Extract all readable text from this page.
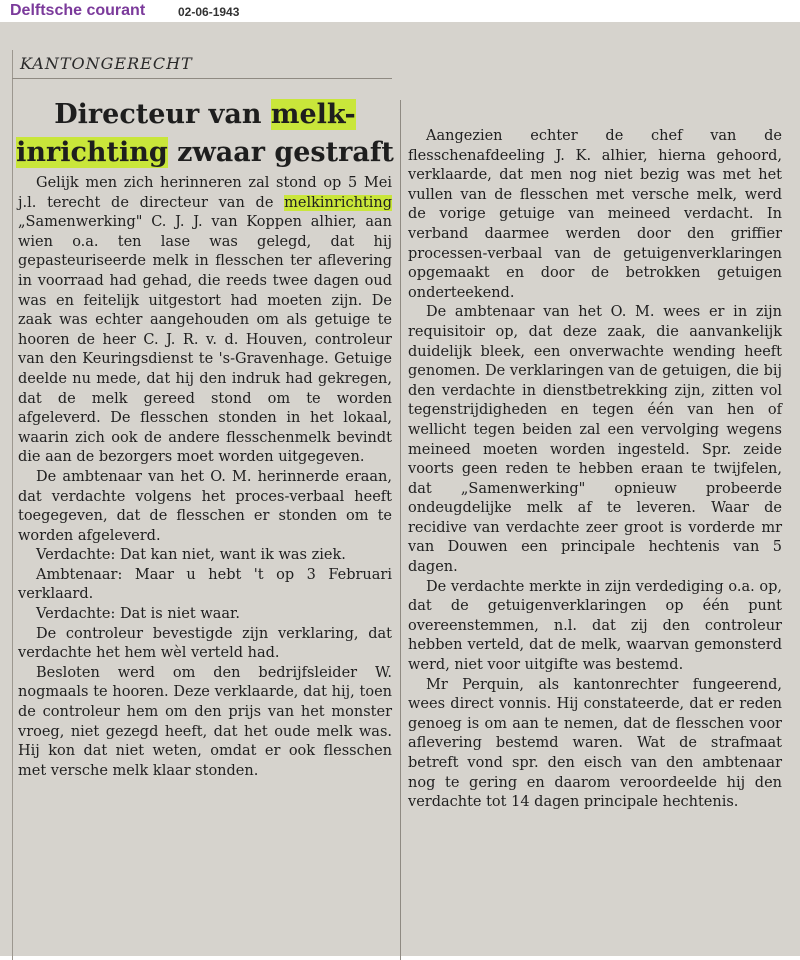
Delftsche courant	02-06-1943
KANTONGERECHT
Directeur van melk-
inrichting zwaar gestraft

Gelijk men zich herinneren zal stond op 5 Mei j.l. terecht de directeur van de melkinrichting „Samenwerking" C. J. J. van Koppen alhier, aan wien o.a. ten lase was gelegd, dat hij gepasteuriseerde melk in flesschen ter aflevering in voorraad had gehad, die reeds twee dagen oud was en feitelijk uitgestort had moeten zijn. De zaak was echter aangehouden om als getuige te hooren de heer C. J. R. v. d. Houven, controleur van den Keuringsdienst te 's-Gravenhage. Getuige deelde nu mede, dat hij den indruk had gekregen, dat de melk gereed stond om te worden afgeleverd. De flesschen stonden in het lokaal, waarin zich ook de andere flesschenmelk bevindt die aan de bezorgers moet worden uitgegeven.

De ambtenaar van het O. M. herinnerde eraan, dat verdachte volgens het proces-verbaal heeft toegegeven, dat de flesschen er stonden om te worden afgeleverd.

Verdachte: Dat kan niet, want ik was ziek.

Ambtenaar: Maar u hebt 't op 3 Februari verklaard.

Verdachte: Dat is niet waar.

De controleur bevestigde zijn verklaring, dat verdachte het hem wèl verteld had.

Besloten werd om den bedrijfsleider W. nogmaals te hooren. Deze verklaarde, dat hij, toen de controleur hem om den prijs van het monster vroeg, niet gezegd heeft, dat het oude melk was. Hij kon dat niet weten, omdat er ook flesschen met versche melk klaar stonden.

Aangezien echter de chef van de flesschenafdeeling J. K. alhier, hierna gehoord, verklaarde, dat men nog niet bezig was met het vullen van de flesschen met versche melk, werd de vorige getuige van meineed verdacht. In verband daarmee werden door den griffier processen-verbaal van de getuigenverklaringen opgemaakt en door de betrokken getuigen onderteekend.

De ambtenaar van het O. M. wees er in zijn requisitoir op, dat deze zaak, die aanvankelijk duidelijk bleek, een onverwachte wending heeft genomen. De verklaringen van de getuigen, die bij den verdachte in dienstbetrekking zijn, zitten vol tegenstrijdigheden en tegen één van hen of wellicht tegen beiden zal een vervolging wegens meineed moeten worden ingesteld. Spr. zeide voorts geen reden te hebben eraan te twijfelen, dat „Samenwerking" opnieuw probeerde ondeugdelijke melk af te leveren. Waar de recidive van verdachte zeer groot is vorderde mr van Douwen een principale hechtenis van 5 dagen.

De verdachte merkte in zijn verdediging o.a. op, dat de getuigenverklaringen op één punt overeenstemmen, n.l. dat zij den controleur hebben verteld, dat de melk, waarvan gemonsterd werd, niet voor uitgifte was bestemd.

Mr Perquin, als kantonrechter fungeerend, wees direct vonnis. Hij constateerde, dat er reden genoeg is om aan te nemen, dat de flesschen voor aflevering bestemd waren. Wat de strafmaat betreft vond spr. den eisch van den ambtenaar nog te gering en daarom veroordeelde hij den verdachte tot 14 dagen principale hechtenis.
